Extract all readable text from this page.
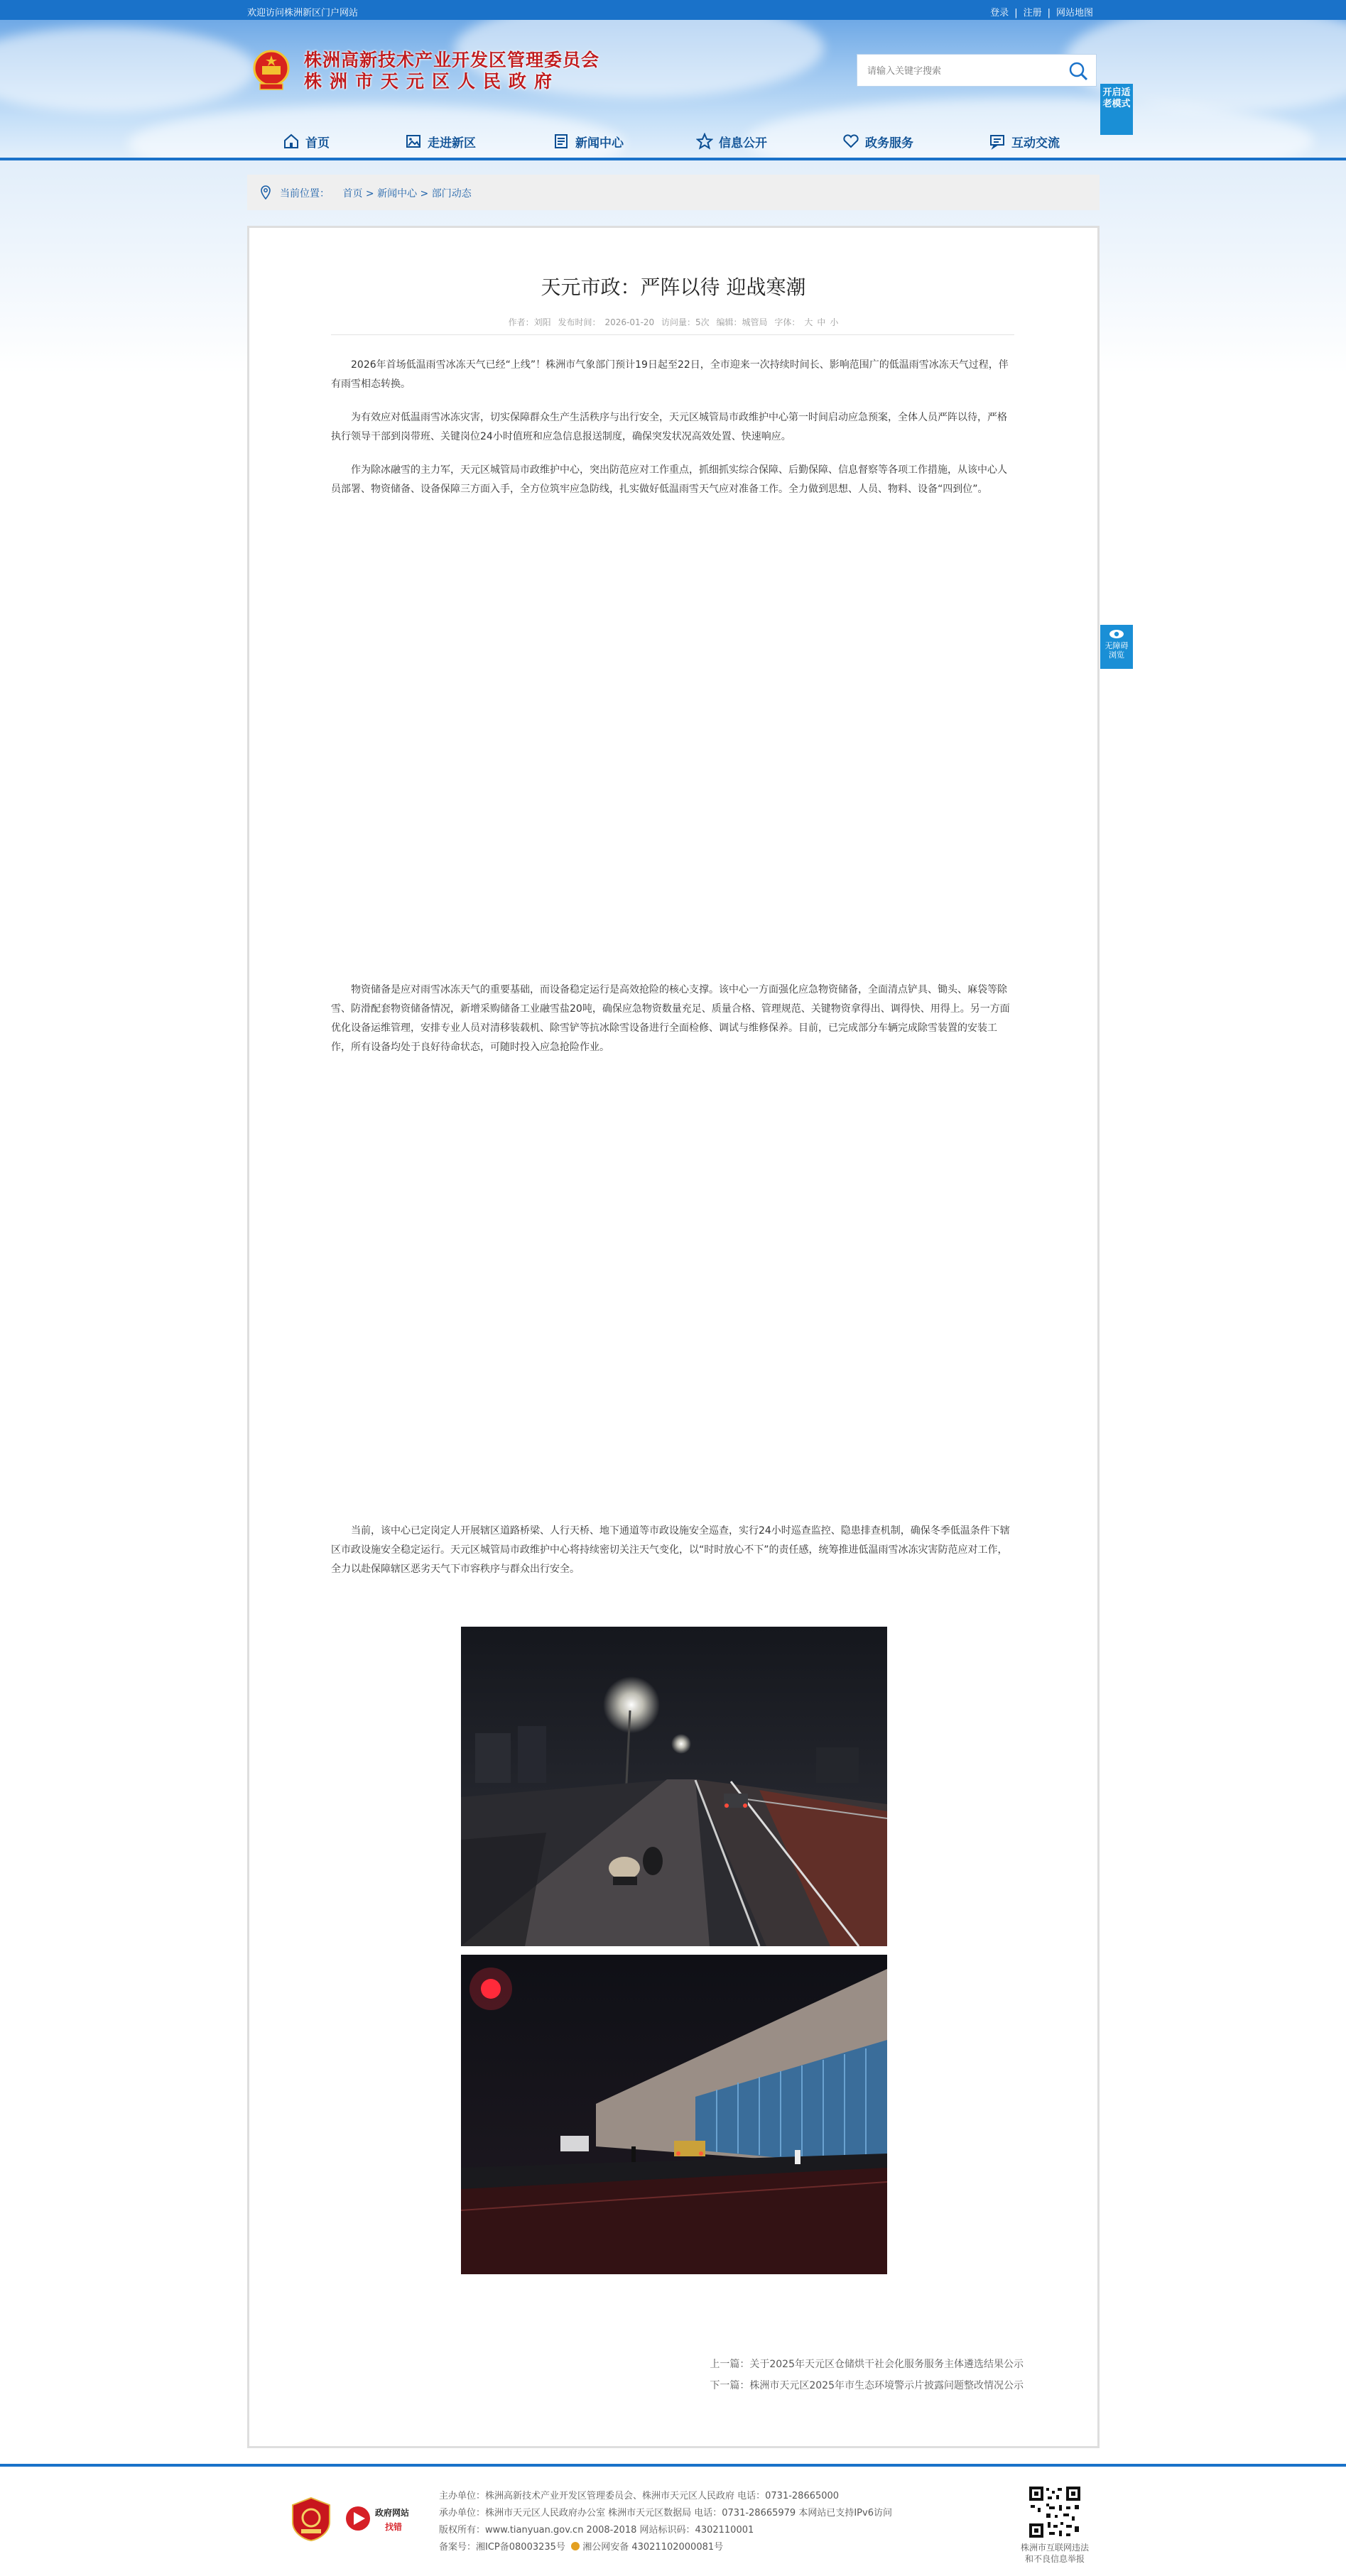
欢迎访问株洲新区门户网站	登录 | 注册 | 网站地图
株洲高新技术产业开发区管理委员会
株洲市天元区人民政府
请输入关键字搜索
开启适老模式
首页	走进新区	新闻中心	信息公开	政务服务	互动交流
当前位置： 首页 > 新闻中心 > 部门动态
天元市政：严阵以待 迎战寒潮
作者：刘阳 发布时间： 2026-01-20 访问量：5次 编辑：城管局 字体： 大 中 小

2026年首场低温雨雪冰冻天气已经“上线”！株洲市气象部门预计19日起至22日，全市迎来一次持续时间长、影响范围广的低温雨雪冰冻天气过程，伴有雨雪相态转换。

为有效应对低温雨雪冰冻灾害，切实保障群众生产生活秩序与出行安全，天元区城管局市政维护中心第一时间启动应急预案，全体人员严阵以待，严格执行领导干部到岗带班、关键岗位24小时值班和应急信息报送制度，确保突发状况高效处置、快速响应。

作为除冰融雪的主力军，天元区城管局市政维护中心，突出防范应对工作重点，抓细抓实综合保障、后勤保障、信息督察等各项工作措施，从该中心人员部署、物资储备、设备保障三方面入手，全方位筑牢应急防线，扎实做好低温雨雪天气应对准备工作。全力做到思想、人员、物料、设备“四到位”。

物资储备是应对雨雪冰冻天气的重要基础，而设备稳定运行是高效抢险的核心支撑。该中心一方面强化应急物资储备，全面清点铲具、锄头、麻袋等除雪、防滑配套物资储备情况，新增采购储备工业融雪盐20吨，确保应急物资数量充足、质量合格、管理规范、关键物资拿得出、调得快、用得上。另一方面优化设备运维管理，安排专业人员对清移装载机、除雪铲等抗冰除雪设备进行全面检修、调试与维修保养。目前，已完成部分车辆完成除雪装置的安装工作，所有设备均处于良好待命状态，可随时投入应急抢险作业。

当前，该中心已定岗定人开展辖区道路桥梁、人行天桥、地下通道等市政设施安全巡查，实行24小时巡查监控、隐患排查机制，确保冬季低温条件下辖区市政设施安全稳定运行。天元区城管局市政维护中心将持续密切关注天气变化，以“时时放心不下”的责任感，统筹推进低温雨雪冰冻灾害防范应对工作，全力以赴保障辖区恶劣天气下市容秩序与群众出行安全。

上一篇：关于2025年天元区仓储烘干社会化服务服务主体遴选结果公示
下一篇：株洲市天元区2025年市生态环境警示片披露问题整改情况公示
无障碍浏览
政府网站
找错
主办单位：株洲高新技术产业开发区管理委员会、株洲市天元区人民政府 电话：0731-28665000
承办单位：株洲市天元区人民政府办公室 株洲市天元区数据局 电话：0731-28665979 本网站已支持IPv6访问
版权所有：www.tianyuan.gov.cn 2008-2018 网站标识码：4302110001
备案号：湘ICP备08003235号 湘公网安备 43021102000081号	株洲市互联网违法
和不良信息举报
